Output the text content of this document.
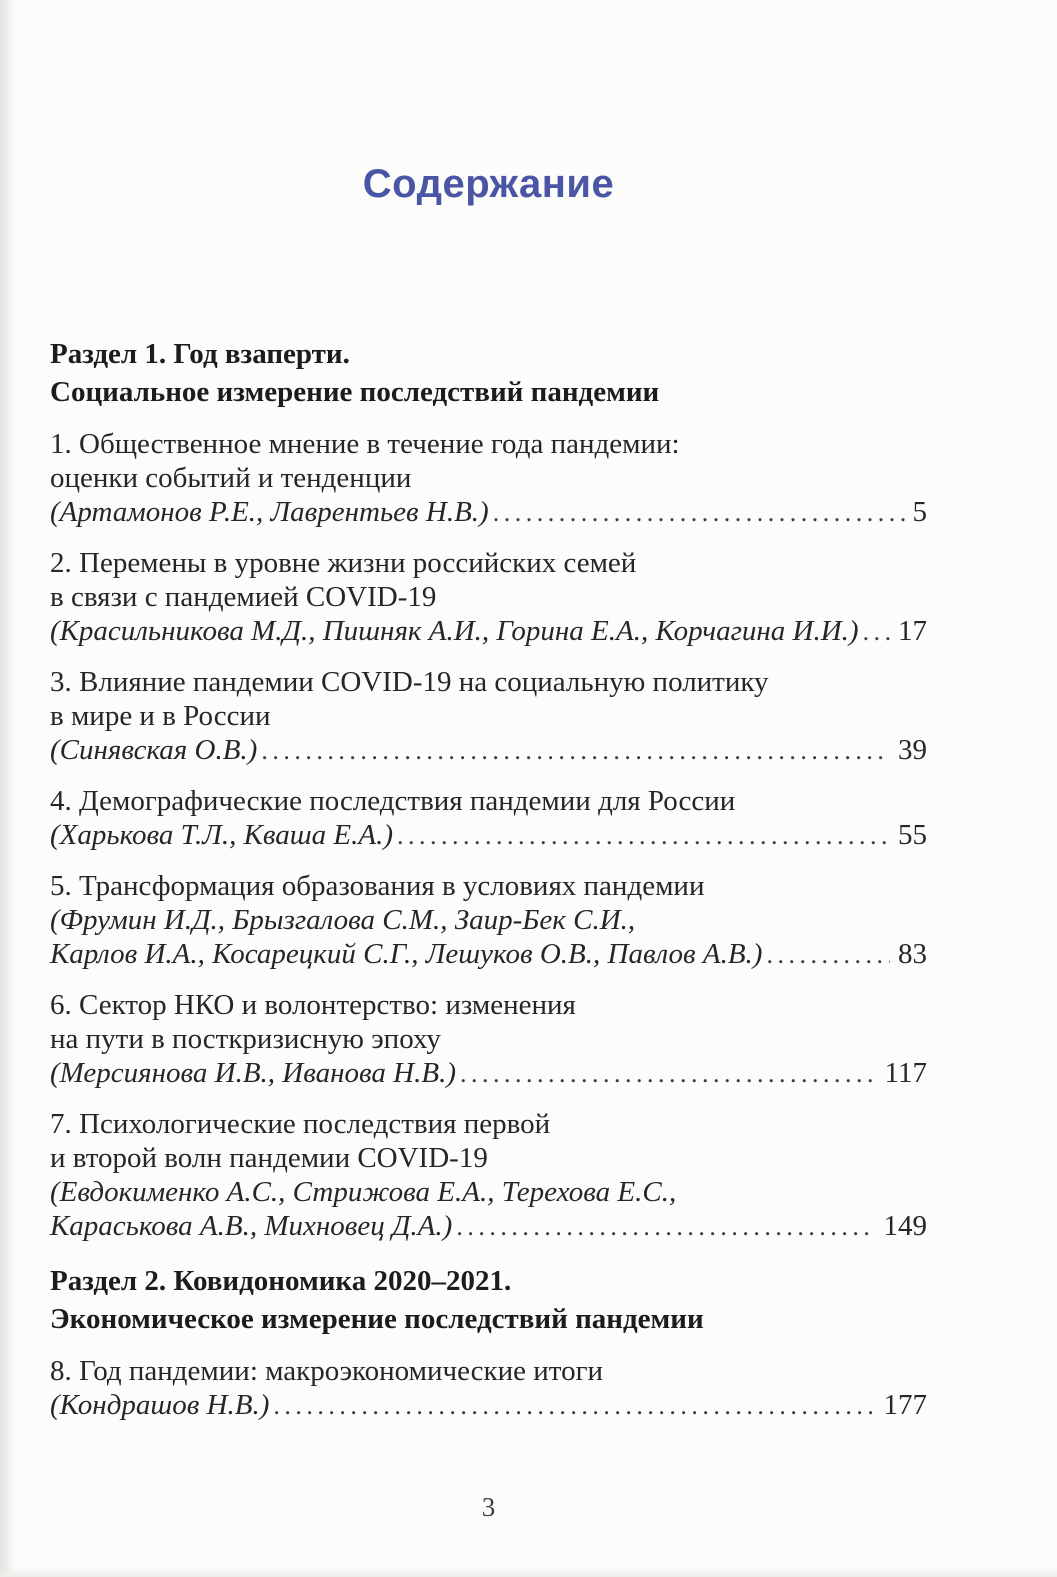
Содержание
Раздел 1. Год взаперти.
Социальное измерение последствий пандемии
1. Общественное мнение в течение года пандемии:
оценки событий и тенденции
(Артамонов Р.Е., Лаврентьев Н.В.) .....	5
2. Перемены в уровне жизни российских семей
в связи с пандемией COVID-19
(Красильникова М.Д., Пишняк А.И., Горина Е.А., Корчагина И.И.) ..... 17
3. Влияние пандемии COVID-19 на социальную политику
в мире и в России
(Синявская О.В.) .....	39
4. Демографические последствия пандемии для России
(Харькова Т.Л., Кваша Е.А.) .....	55
5. Трансформация образования в условиях пандемии
(Фрумин И.Д., Брызгалова С.М., Заир-Бек С.И.,
Карлов И.А., Косарецкий С.Г., Лешуков О.В., Павлов А.В.) .....	83
6. Сектор НКО и волонтерство: изменения
на пути в посткризисную эпоху
(Мерсиянова И.В., Иванова Н.В.) .....	117
7. Психологические последствия первой
и второй волн пандемии COVID-19
(Евдокименко А.С., Стрижова Е.А., Терехова Е.С.,
Караськова А.В., Михновец Д.А.) .....	149
Раздел 2. Ковидономика 2020–2021.
Экономическое измерение последствий пандемии
8. Год пандемии: макроэкономические итоги
(Кондрашов Н.В.) .....	177
3
